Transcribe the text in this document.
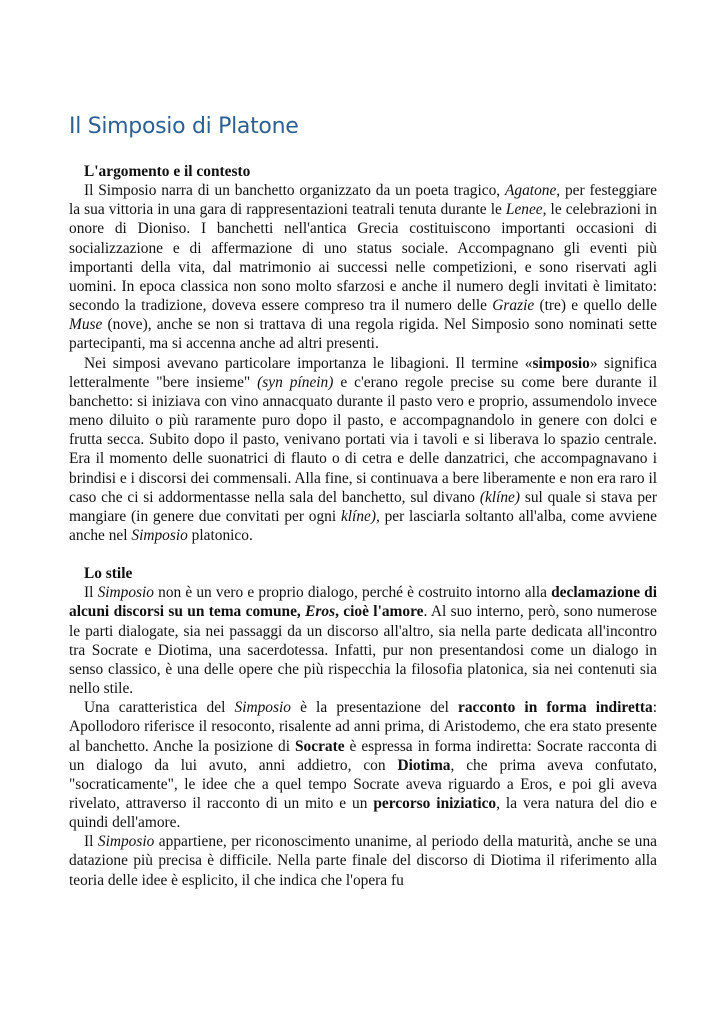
Il Simposio di Platone

L'argomento e il contesto

Il Simposio narra di un banchetto organizzato da un poeta tragico, Agatone, per festeggiare la sua vittoria in una gara di rappresentazioni teatrali tenuta durante le Lenee, le celebrazioni in onore di Dioniso. I banchetti nell'antica Grecia costituiscono importanti occasioni di socializzazione e di affermazione di uno status sociale. Accompagnano gli eventi più importanti della vita, dal matrimonio ai successi nelle competizioni, e sono riservati agli uomini. In epoca classica non sono molto sfarzosi e anche il numero degli invitati è limitato: secondo la tradizione, doveva essere compreso tra il numero delle Grazie (tre) e quello delle Muse (nove), anche se non si trattava di una regola rigida. Nel Simposio sono nominati sette partecipanti, ma si accenna anche ad altri presenti.

Nei simposi avevano particolare importanza le libagioni. Il termine «simposio» significa letteralmente "bere insieme" (syn pínein) e c'erano regole precise su come bere durante il banchetto: si iniziava con vino annacquato durante il pasto vero e proprio, assumendolo invece meno diluito o più raramente puro dopo il pasto, e accompagnandolo in genere con dolci e frutta secca. Subito dopo il pasto, venivano portati via i tavoli e si liberava lo spazio centrale. Era il momento delle suonatrici di flauto o di cetra e delle danzatrici, che accompagnavano i brindisi e i discorsi dei commensali. Alla fine, si continuava a bere liberamente e non era raro il caso che ci si addormentasse nella sala del banchetto, sul divano (klíne) sul quale si stava per mangiare (in genere due convitati per ogni klíne), per lasciarla soltanto all'alba, come avviene anche nel Simposio platonico.

Lo stile

Il Simposio non è un vero e proprio dialogo, perché è costruito intorno alla declamazione di alcuni discorsi su un tema comune, Eros, cioè l'amore. Al suo interno, però, sono numerose le parti dialogate, sia nei passaggi da un discorso all'altro, sia nella parte dedicata all'incontro tra Socrate e Diotima, una sacerdotessa. Infatti, pur non presentandosi come un dialogo in senso classico, è una delle opere che più rispecchia la filosofia platonica, sia nei contenuti sia nello stile.

Una caratteristica del Simposio è la presentazione del racconto in forma indiretta: Apollodoro riferisce il resoconto, risalente ad anni prima, di Aristodemo, che era stato presente al banchetto. Anche la posizione di Socrate è espressa in forma indiretta: Socrate racconta di un dialogo da lui avuto, anni addietro, con Diotima, che prima aveva confutato, "socraticamente", le idee che a quel tempo Socrate aveva riguardo a Eros, e poi gli aveva rivelato, attraverso il racconto di un mito e un percorso iniziatico, la vera natura del dio e quindi dell'amore.

Il Simposio appartiene, per riconoscimento unanime, al periodo della maturità, anche se una datazione più precisa è difficile. Nella parte finale del discorso di Diotima il riferimento alla teoria delle idee è esplicito, il che indica che l'opera fu
